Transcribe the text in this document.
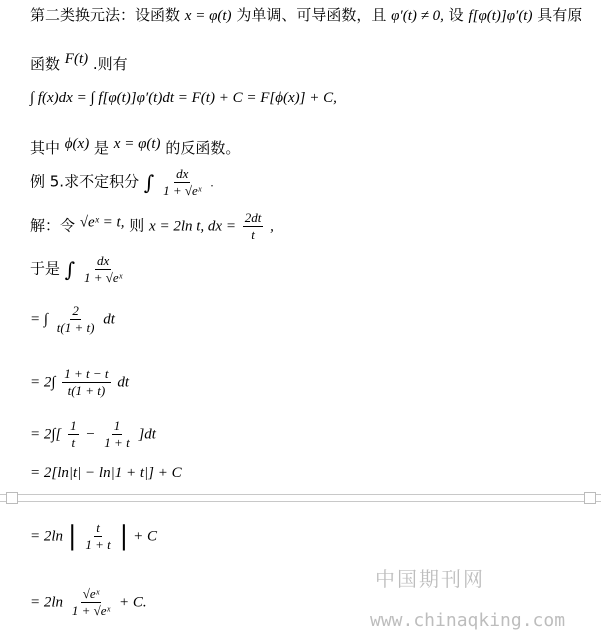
第二类换元法：设函数 x = φ(t) 为单调、可导函数，且 φ′(t) ≠ 0, 设 f[φ(t)]φ′(t) 具有原
函数 F(t) .则有
∫ f(x)dx = ∫ f[φ(t)]φ′(t)dt = F(t) + C = F[ϕ(x)] + C,
其中 ϕ(x) 是 x = φ(t) 的反函数。
例 5.求不定积分 ∫ $\frac{dx}{\text{1 + √eˣ}}$ .
解：令 √eˣ = t, 则 x = 2ln t, dx = $\frac{2dt}{t}$ ,
于是 ∫ $\frac{dx}{\text{1 + √eˣ}}$
= ∫ $\frac{2}{t(1 + t)}$ dt
= $2\int \frac{1 + t - t}{t(1 + t)}$ dt
= $2\int[ \frac{1}{t} - \frac{1}{1 + t} ]dt$
= 2[ln|t| − ln|1 + t|] + C
= 2ln | $\frac{t}{1 + t}$ | + C
= $2\ln \frac{\text{√eˣ}}{\text{1 + √eˣ}} + C$.
中国期刊网
www.chinaqking.com
